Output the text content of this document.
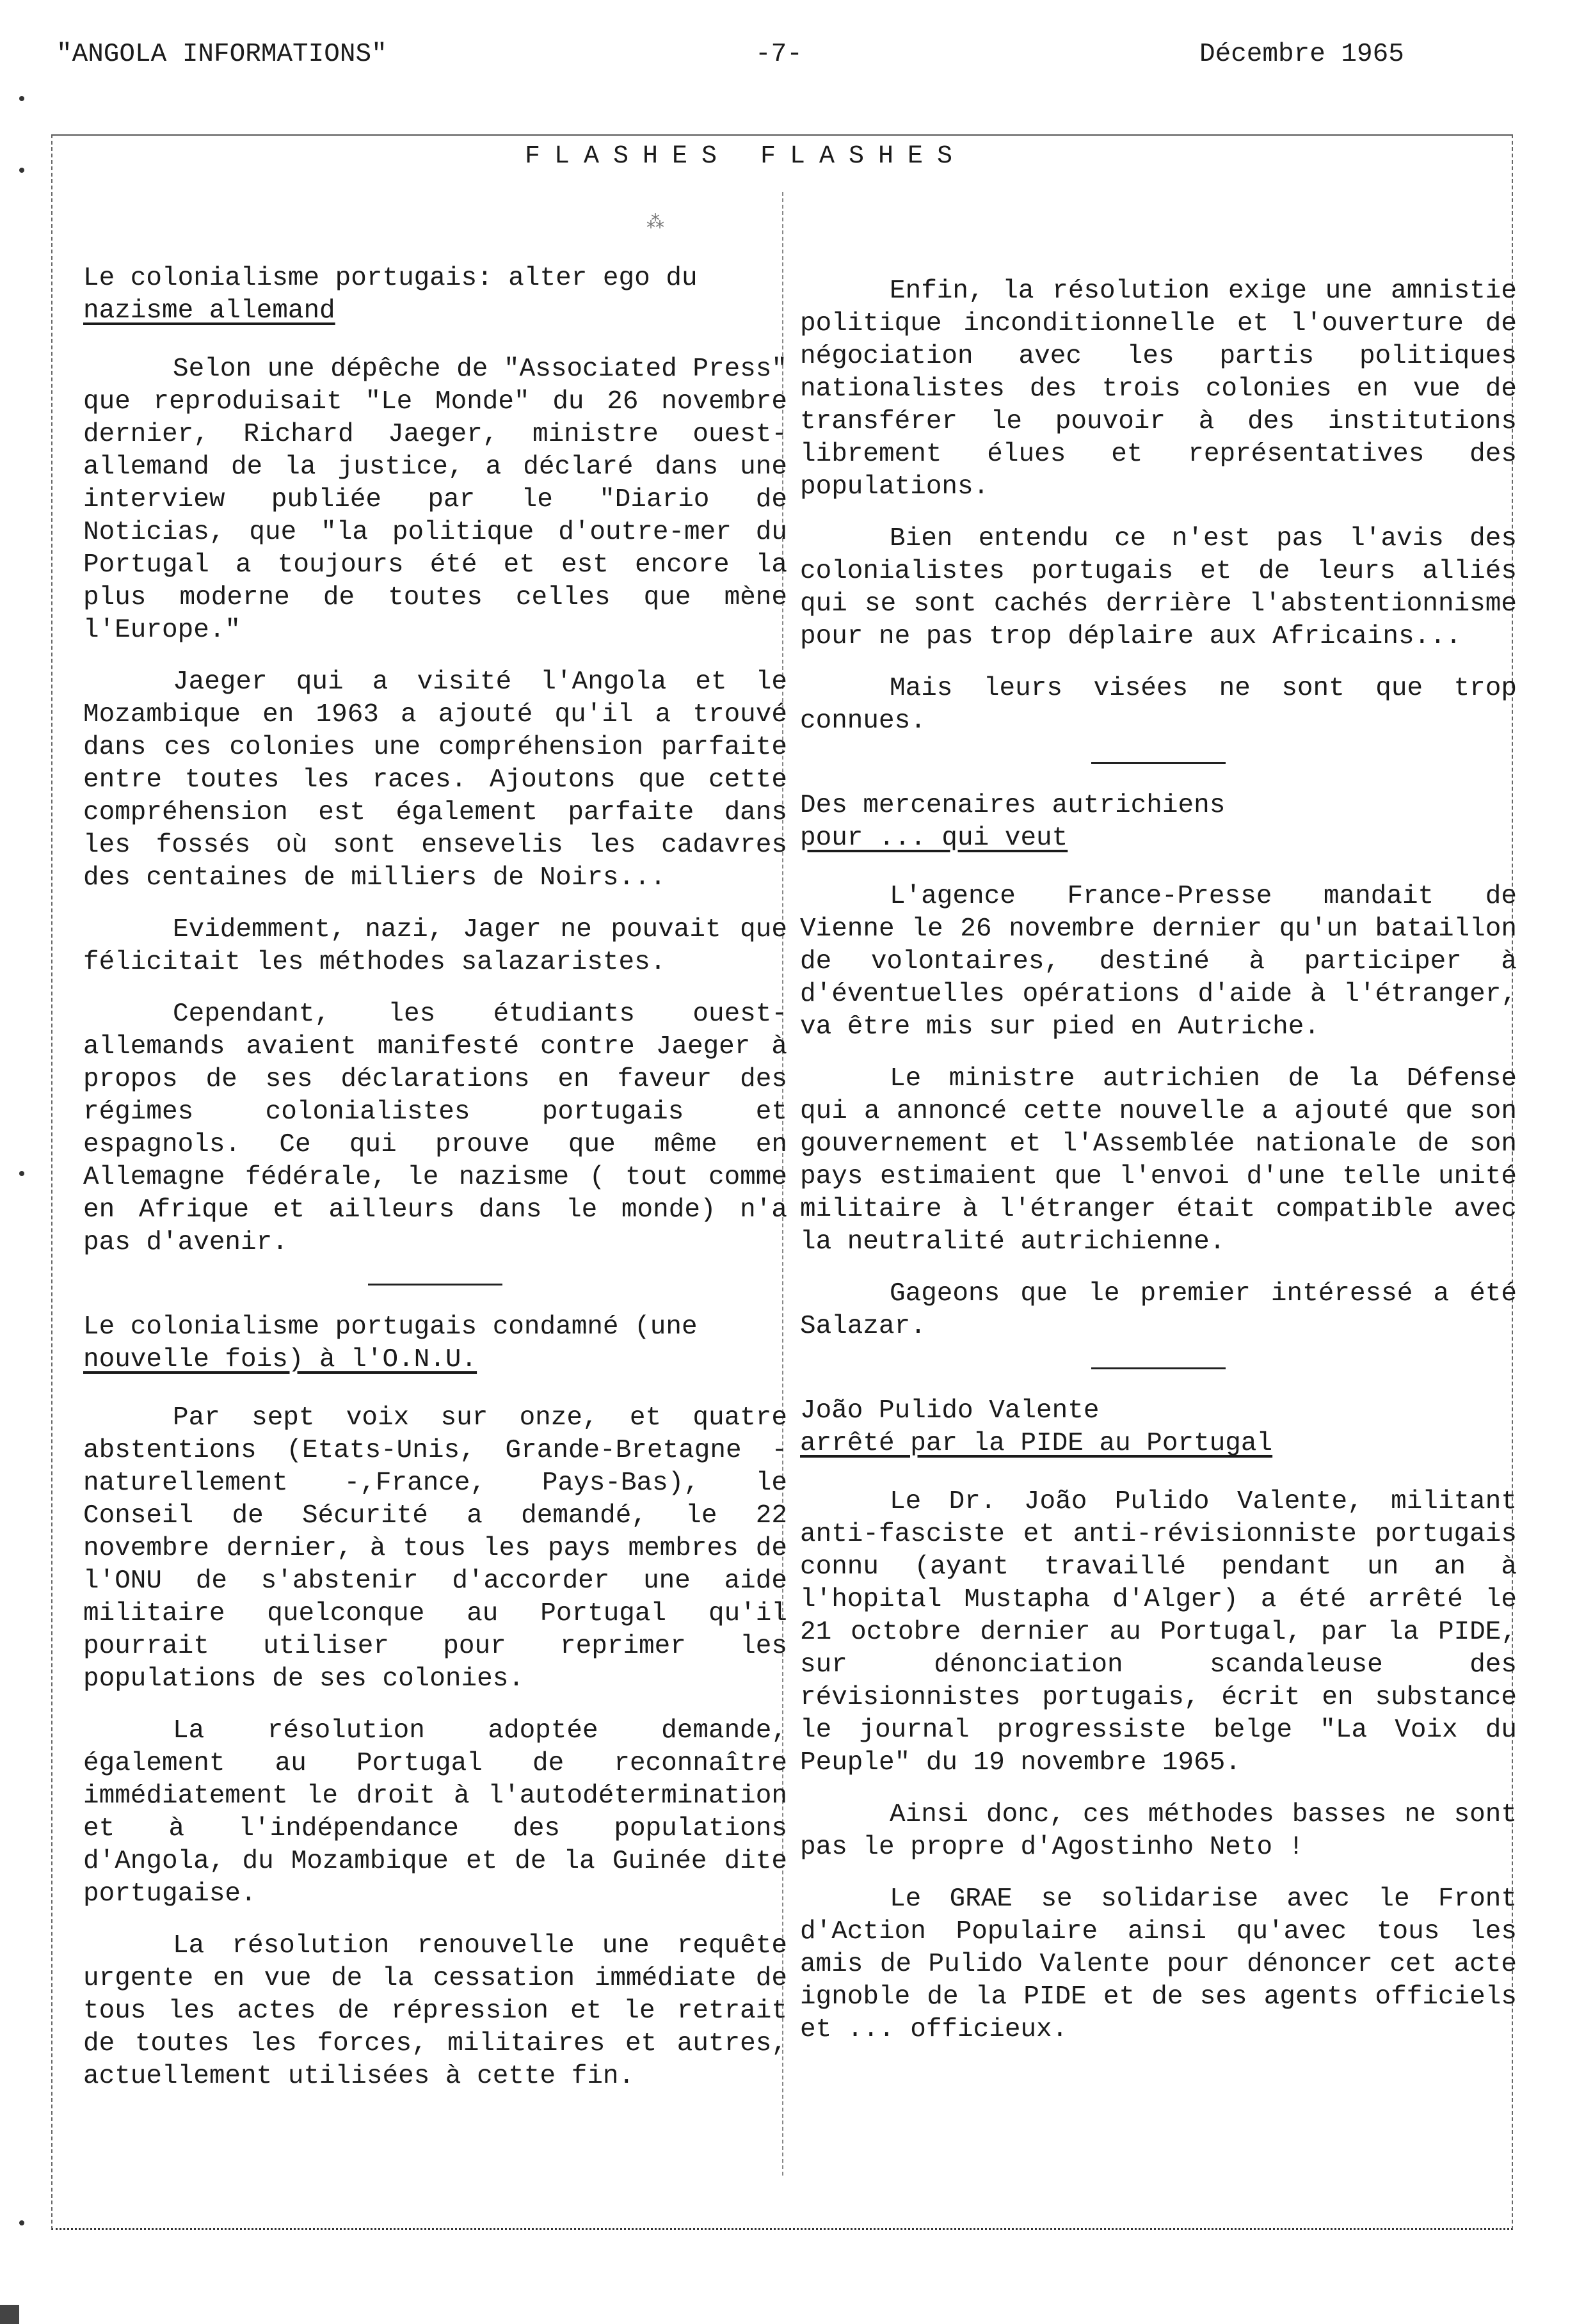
"ANGOLA INFORMATIONS"	-7-	Décembre 1965
FLASHES FLASHES
⁂
Le colonialisme portugais: alter ego du
nazisme allemand

Selon une dépêche de "Associated Press" que reproduisait "Le Monde" du 26 novembre dernier, Richard Jaeger, ministre ouest-allemand de la justice, a déclaré dans une interview publiée par le "Diario de Noticias, que "la politique d'outre-mer du Portugal a toujours été et est encore la plus moderne de toutes celles que mène l'Europe."

Jaeger qui a visité l'Angola et le Mozambique en 1963 a ajouté qu'il a trouvé dans ces colonies une compréhension parfaite entre toutes les races. Ajoutons que cette compréhension est également parfaite dans les fossés où sont ensevelis les cadavres des centaines de milliers de Noirs...

Evidemment, nazi, Jager ne pouvait que félicitait les méthodes salazaristes.

Cependant, les étudiants ouest-allemands avaient manifesté contre Jaeger à propos de ses déclarations en faveur des régimes colonialistes portugais et espagnols. Ce qui prouve que même en Allemagne fédérale, le nazisme ( tout comme en Afrique et ailleurs dans le monde) n'a pas d'avenir.

Le colonialisme portugais condamné (une
nouvelle fois) à l'O.N.U.

Par sept voix sur onze, et quatre abstentions (Etats-Unis, Grande-Bretagne - naturellement -,France, Pays-Bas), le Conseil de Sécurité a demandé, le 22 novembre dernier, à tous les pays membres de l'ONU de s'abstenir d'accorder une aide militaire quelconque au Portugal qu'il pourrait utiliser pour reprimer les populations de ses colonies.

La résolution adoptée demande, également au Portugal de reconnaître immédiatement le droit à l'autodétermination et à l'indépendance des populations d'Angola, du Mozambique et de la Guinée dite portugaise.

La résolution renouvelle une requête urgente en vue de la cessation immédiate de tous les actes de répression et le retrait de toutes les forces, militaires et autres, actuellement utilisées à cette fin.

Enfin, la résolution exige une amnistie politique inconditionnelle et l'ouverture de négociation avec les partis politiques nationalistes des trois colonies en vue de transférer le pouvoir à des institutions librement élues et représentatives des populations.

Bien entendu ce n'est pas l'avis des colonialistes portugais et de leurs alliés qui se sont cachés derrière l'abstentionnisme pour ne pas trop déplaire aux Africains...

Mais leurs visées ne sont que trop connues.

Des mercenaires autrichiens
pour ... qui veut

L'agence France-Presse mandait de Vienne le 26 novembre dernier qu'un bataillon de volontaires, destiné à participer à d'éventuelles opérations d'aide à l'étranger, va être mis sur pied en Autriche.

Le ministre autrichien de la Défense qui a annoncé cette nouvelle a ajouté que son gouvernement et l'Assemblée nationale de son pays estimaient que l'envoi d'une telle unité militaire à l'étranger était compatible avec la neutralité autrichienne.

Gageons que le premier intéressé a été Salazar.

João Pulido Valente
arrêté par la PIDE au Portugal

Le Dr. João Pulido Valente, militant anti-fasciste et anti-révisionniste portugais connu (ayant travaillé pendant un an à l'hopital Mustapha d'Alger) a été arrêté le 21 octobre dernier au Portugal, par la PIDE, sur dénonciation scandaleuse des révisionnistes portugais, écrit en substance le journal progressiste belge "La Voix du Peuple" du 19 novembre 1965.

Ainsi donc, ces méthodes basses ne sont pas le propre d'Agostinho Neto !

Le GRAE se solidarise avec le Front d'Action Populaire ainsi qu'avec tous les amis de Pulido Valente pour dénoncer cet acte ignoble de la PIDE et de ses agents officiels et ... officieux.
